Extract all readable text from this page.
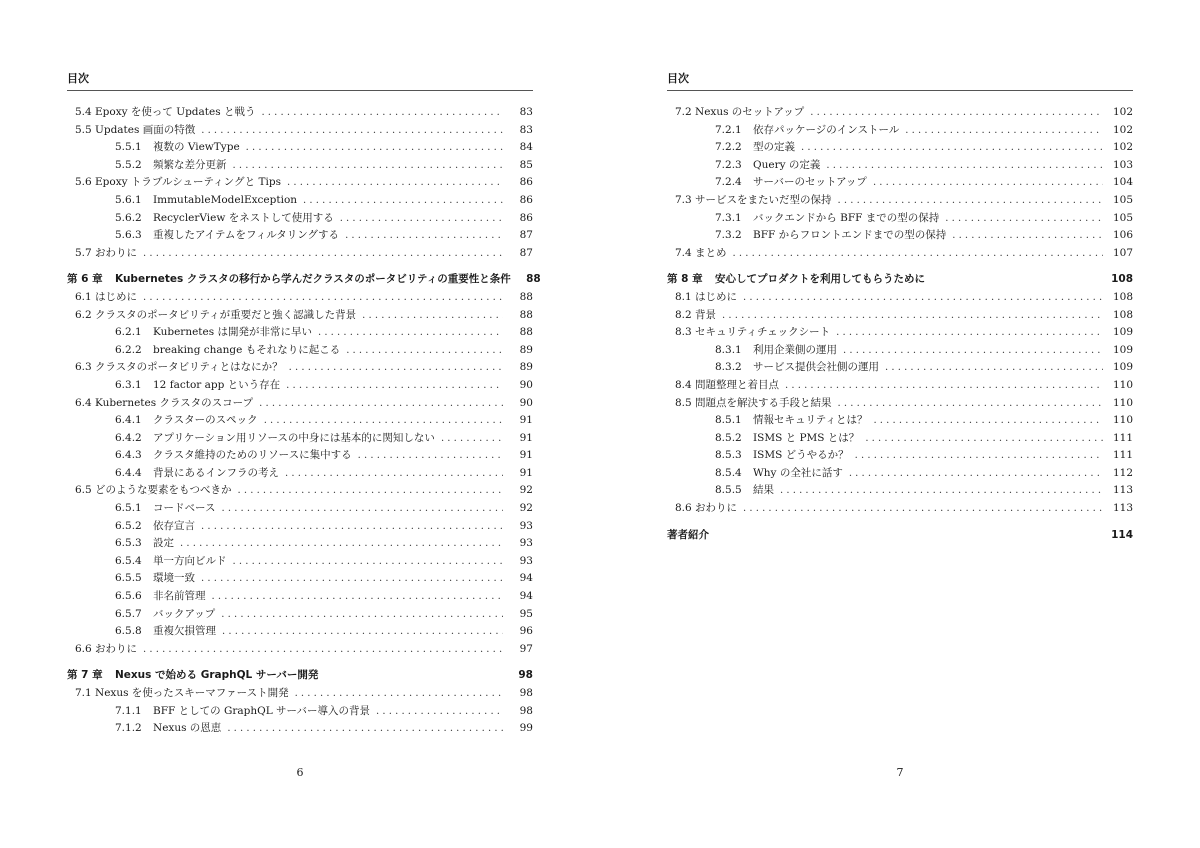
目次
5.4 Epoxy を使って Updates と戦う . . .	83
5.5 Updates 画面の特徴 . . .	83
5.5.1	複数の ViewType . . .	84
5.5.2	頻繁な差分更新 . . .	85
5.6 Epoxy トラブルシューティングと Tips . . .	86
5.6.1	ImmutableModelException . . .	86
5.6.2	RecyclerView をネストして使用する . . .	86
5.6.3	重複したアイテムをフィルタリングする . . .	87
5.7 おわりに . . .	87
第 6 章	Kubernetes クラスタの移行から学んだクラスタのポータビリティの重要性と条件	88
6.1 はじめに . . .	88
6.2 クラスタのポータビリティが重要だと強く認識した背景 . . .	88
6.2.1	Kubernetes は開発が非常に早い . . .	88
6.2.2	breaking change もそれなりに起こる . . .	89
6.3 クラスタのポータビリティとはなにか？ . . .	89
6.3.1	12 factor app という存在 . . .	90
6.4 Kubernetes クラスタのスコープ . . .	90
6.4.1	クラスターのスペック . . .	91
6.4.2	アプリケーション用リソースの中身には基本的に関知しない . . .	91
6.4.3	クラスタ維持のためのリソースに集中する . . .	91
6.4.4	背景にあるインフラの考え . . .	91
6.5 どのような要素をもつべきか . . .	92
6.5.1	コードベース . . .	92
6.5.2	依存宣言 . . .	93
6.5.3	設定 . . .	93
6.5.4	単一方向ビルド . . .	93
6.5.5	環境一致 . . .	94
6.5.6	非名前管理 . . .	94
6.5.7	バックアップ . . .	95
6.5.8	重複欠損管理 . . .	96
6.6 おわりに . . .	97
第 7 章	Nexus で始める GraphQL サーバー開発	98
7.1 Nexus を使ったスキーマファースト開発 . . .	98
7.1.1	BFF としての GraphQL サーバー導入の背景 . . .	98
7.1.2	Nexus の恩恵 . . .	99
6
目次
7.2 Nexus のセットアップ . . .	102
7.2.1	依存パッケージのインストール . . .	102
7.2.2	型の定義 . . .	102
7.2.3	Query の定義 . . .	103
7.2.4	サーバーのセットアップ . . .	104
7.3 サービスをまたいだ型の保持 . . .	105
7.3.1	バックエンドから BFF までの型の保持 . . .	105
7.3.2	BFF からフロントエンドまでの型の保持 . . .	106
7.4 まとめ . . .	107
第 8 章	安心してプロダクトを利用してもらうために	108
8.1 はじめに . . .	108
8.2 背景 . . .	108
8.3 セキュリティチェックシート . . .	109
8.3.1	利用企業側の運用 . . .	109
8.3.2	サービス提供会社側の運用 . . .	109
8.4 問題整理と着目点 . . .	110
8.5 問題点を解決する手段と結果 . . .	110
8.5.1	情報セキュリティとは？ . . .	110
8.5.2	ISMS と PMS とは？ . . .	111
8.5.3	ISMS どうやるか？ . . .	111
8.5.4	Why の全社に話す . . .	112
8.5.5	結果 . . .	113
8.6 おわりに . . .	113
著者紹介	114
7
